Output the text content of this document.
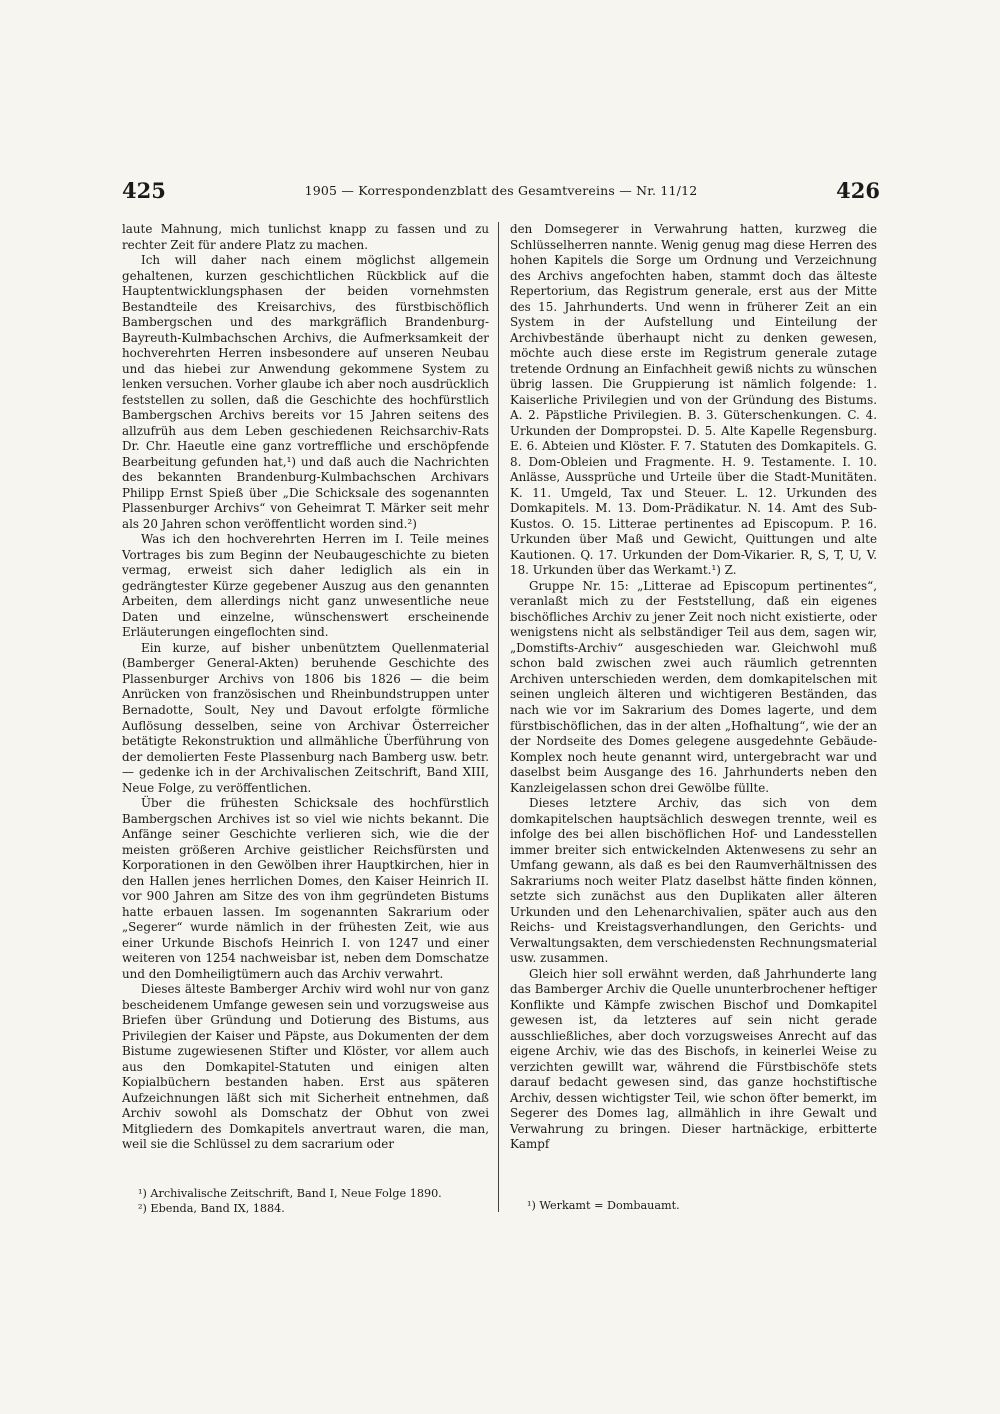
425	1905 — Korrespondenzblatt des Gesamtvereins — Nr. 11/12	426

laute Mahnung, mich tunlichst knapp zu fassen und zu rechter Zeit für andere Platz zu machen.

Ich will daher nach einem möglichst allgemein gehaltenen, kurzen geschichtlichen Rückblick auf die Hauptentwicklungsphasen der beiden vornehmsten Bestandteile des Kreisarchivs, des fürstbischöflich Bambergschen und des markgräflich Brandenburg-Bayreuth-Kulmbachschen Archivs, die Aufmerksamkeit der hochverehrten Herren insbesondere auf unseren Neubau und das hiebei zur Anwendung gekommene System zu lenken versuchen. Vorher glaube ich aber noch ausdrücklich feststellen zu sollen, daß die Geschichte des hochfürstlich Bambergschen Archivs bereits vor 15 Jahren seitens des allzufrüh aus dem Leben geschiedenen Reichsarchiv-Rats Dr. Chr. Haeutle eine ganz vortreffliche und erschöpfende Bearbeitung gefunden hat,¹) und daß auch die Nachrichten des bekannten Brandenburg-Kulmbachschen Archivars Philipp Ernst Spieß über „Die Schicksale des sogenannten Plassenburger Archivs“ von Geheimrat T. Märker seit mehr als 20 Jahren schon veröffentlicht worden sind.²)

Was ich den hochverehrten Herren im I. Teile meines Vortrages bis zum Beginn der Neubaugeschichte zu bieten vermag, erweist sich daher lediglich als ein in gedrängtester Kürze gegebener Auszug aus den genannten Arbeiten, dem allerdings nicht ganz unwesentliche neue Daten und einzelne, wünschenswert erscheinende Erläuterungen eingeflochten sind.

Ein kurze, auf bisher unbenütztem Quellenmaterial (Bamberger General-Akten) beruhende Geschichte des Plassenburger Archivs von 1806 bis 1826 — die beim Anrücken von französischen und Rheinbundstruppen unter Bernadotte, Soult, Ney und Davout erfolgte förmliche Auflösung desselben, seine von Archivar Österreicher betätigte Rekonstruktion und allmähliche Überführung von der demolierten Feste Plassenburg nach Bamberg usw. betr. — gedenke ich in der Archivalischen Zeitschrift, Band XIII, Neue Folge, zu veröffentlichen.

Über die frühesten Schicksale des hochfürstlich Bambergschen Archives ist so viel wie nichts bekannt. Die Anfänge seiner Geschichte verlieren sich, wie die der meisten größeren Archive geistlicher Reichsfürsten und Korporationen in den Gewölben ihrer Hauptkirchen, hier in den Hallen jenes herrlichen Domes, den Kaiser Heinrich II. vor 900 Jahren am Sitze des von ihm gegründeten Bistums hatte erbauen lassen. Im sogenannten Sakrarium oder „Segerer“ wurde nämlich in der frühesten Zeit, wie aus einer Urkunde Bischofs Heinrich I. von 1247 und einer weiteren von 1254 nachweisbar ist, neben dem Domschatze und den Domheiligtümern auch das Archiv verwahrt.

Dieses älteste Bamberger Archiv wird wohl nur von ganz bescheidenem Umfange gewesen sein und vorzugsweise aus Briefen über Gründung und Dotierung des Bistums, aus Privilegien der Kaiser und Päpste, aus Dokumenten der dem Bistume zugewiesenen Stifter und Klöster, vor allem auch aus den Domkapitel-Statuten und einigen alten Kopialbüchern bestanden haben. Erst aus späteren Aufzeichnungen läßt sich mit Sicherheit entnehmen, daß Archiv sowohl als Domschatz der Obhut von zwei Mitgliedern des Domkapitels anvertraut waren, die man, weil sie die Schlüssel zu dem sacrarium oder

den Domsegerer in Verwahrung hatten, kurzweg die Schlüsselherren nannte. Wenig genug mag diese Herren des hohen Kapitels die Sorge um Ordnung und Verzeichnung des Archivs angefochten haben, stammt doch das älteste Repertorium, das Registrum generale, erst aus der Mitte des 15. Jahrhunderts. Und wenn in früherer Zeit an ein System in der Aufstellung und Einteilung der Archivbestände überhaupt nicht zu denken gewesen, möchte auch diese erste im Registrum generale zutage tretende Ordnung an Einfachheit gewiß nichts zu wünschen übrig lassen. Die Gruppierung ist nämlich folgende: 1. Kaiserliche Privilegien und von der Gründung des Bistums. A. 2. Päpstliche Privilegien. B. 3. Güterschenkungen. C. 4. Urkunden der Dompropstei. D. 5. Alte Kapelle Regensburg. E. 6. Abteien und Klöster. F. 7. Statuten des Domkapitels. G. 8. Dom-Obleien und Fragmente. H. 9. Testamente. I. 10. Anlässe, Aussprüche und Urteile über die Stadt-Munitäten. K. 11. Umgeld, Tax und Steuer. L. 12. Urkunden des Domkapitels. M. 13. Dom-Prädikatur. N. 14. Amt des Sub-Kustos. O. 15. Litterae pertinentes ad Episcopum. P. 16. Urkunden über Maß und Gewicht, Quittungen und alte Kautionen. Q. 17. Urkunden der Dom-Vikarier. R, S, T, U, V. 18. Urkunden über das Werkamt.¹) Z.

Gruppe Nr. 15: „Litterae ad Episcopum pertinentes“, veranlaßt mich zu der Feststellung, daß ein eigenes bischöfliches Archiv zu jener Zeit noch nicht existierte, oder wenigstens nicht als selbständiger Teil aus dem, sagen wir, „Domstifts-Archiv“ ausgeschieden war. Gleichwohl muß schon bald zwischen zwei auch räumlich getrennten Archiven unterschieden werden, dem domkapitelschen mit seinen ungleich älteren und wichtigeren Beständen, das nach wie vor im Sakrarium des Domes lagerte, und dem fürstbischöflichen, das in der alten „Hofhaltung“, wie der an der Nordseite des Domes gelegene ausgedehnte Gebäude-Komplex noch heute genannt wird, untergebracht war und daselbst beim Ausgange des 16. Jahrhunderts neben den Kanzleigelassen schon drei Gewölbe füllte.

Dieses letztere Archiv, das sich von dem domkapitelschen hauptsächlich deswegen trennte, weil es infolge des bei allen bischöflichen Hof- und Landesstellen immer breiter sich entwickelnden Aktenwesens zu sehr an Umfang gewann, als daß es bei den Raumverhältnissen des Sakrariums noch weiter Platz daselbst hätte finden können, setzte sich zunächst aus den Duplikaten aller älteren Urkunden und den Lehenarchivalien, später auch aus den Reichs- und Kreistagsverhandlungen, den Gerichts- und Verwaltungsakten, dem verschiedensten Rechnungsmaterial usw. zusammen.

Gleich hier soll erwähnt werden, daß Jahrhunderte lang das Bamberger Archiv die Quelle ununterbrochener heftiger Konflikte und Kämpfe zwischen Bischof und Domkapitel gewesen ist, da letzteres auf sein nicht gerade ausschließliches, aber doch vorzugsweises Anrecht auf das eigene Archiv, wie das des Bischofs, in keinerlei Weise zu verzichten gewillt war, während die Fürstbischöfe stets darauf bedacht gewesen sind, das ganze hochstiftische Archiv, dessen wichtigster Teil, wie schon öfter bemerkt, im Segerer des Domes lag, allmählich in ihre Gewalt und Verwahrung zu bringen. Dieser hartnäckige, erbitterte Kampf

¹) Archivalische Zeitschrift, Band I, Neue Folge 1890.
²) Ebenda, Band IX, 1884.	¹) Werkamt = Dombauamt.
